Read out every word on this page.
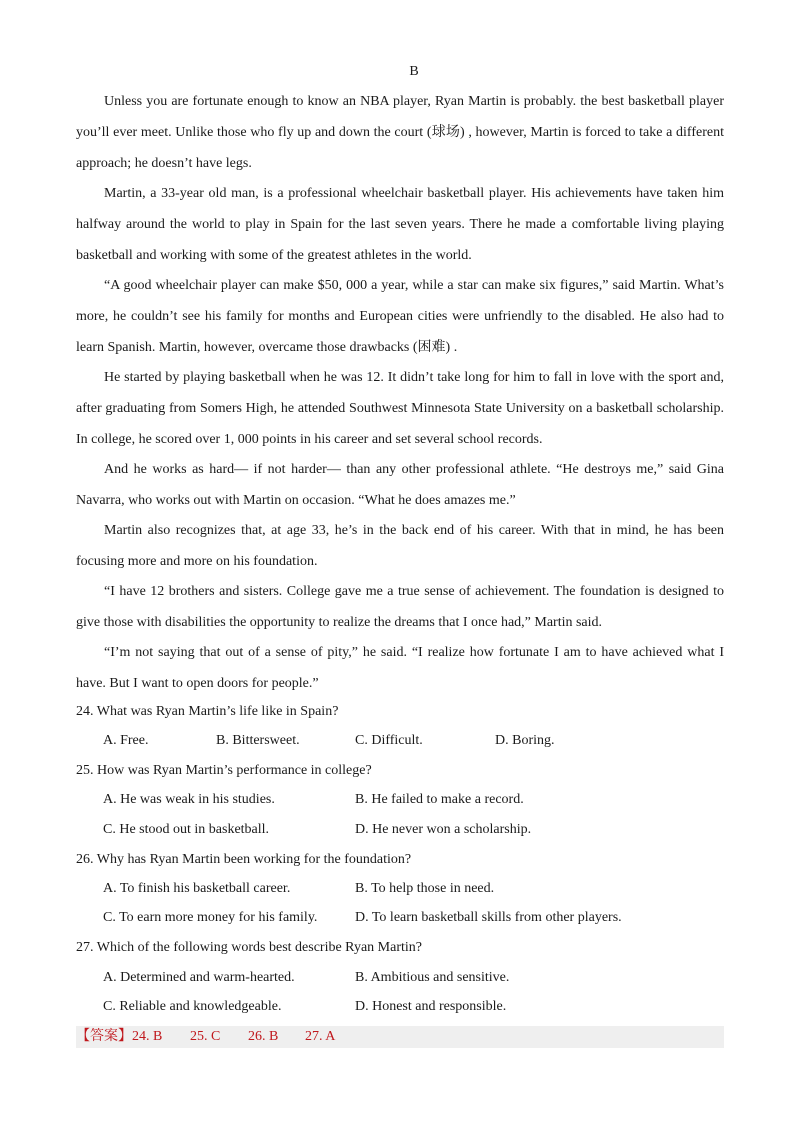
B
Unless you are fortunate enough to know an NBA player, Ryan Martin is probably. the best basketball player you’ll ever meet. Unlike those who fly up and down the court (球场) , however, Martin is forced to take a different approach; he doesn’t have legs.
Martin, a 33-year old man, is a professional wheelchair basketball player. His achievements have taken him halfway around the world to play in Spain for the last seven years. There he made a comfortable living playing basketball and working with some of the greatest athletes in the world.
“A good wheelchair player can make $50, 000 a year, while a star can make six figures,” said Martin. What’s more, he couldn’t see his family for months and European cities were unfriendly to the disabled. He also had to learn Spanish. Martin, however, overcame those drawbacks (困难) .
He started by playing basketball when he was 12. It didn’t take long for him to fall in love with the sport and, after graduating from Somers High, he attended Southwest Minnesota State University on a basketball scholarship. In college, he scored over 1, 000 points in his career and set several school records.
And he works as hard— if not harder— than any other professional athlete. “He destroys me,” said Gina Navarra, who works out with Martin on occasion. “What he does amazes me.”
Martin also recognizes that, at age 33, he’s in the back end of his career. With that in mind, he has been focusing more and more on his foundation.
“I have 12 brothers and sisters. College gave me a true sense of achievement. The foundation is designed to give those with disabilities the opportunity to realize the dreams that I once had,” Martin said.
“I’m not saying that out of a sense of pity,” he said. “I realize how fortunate I am to have achieved what I have. But I want to open doors for people.”
24. What was Ryan Martin’s life like in Spain?
A. Free.	B. Bittersweet.	C. Difficult.	D. Boring.
25. How was Ryan Martin’s performance in college?
A. He was weak in his studies.	B. He failed to make a record.
C. He stood out in basketball.	D. He never won a scholarship.
26. Why has Ryan Martin been working for the foundation?
A. To finish his basketball career.	B. To help those in need.
C. To earn more money for his family.	D. To learn basketball skills from other players.
27. Which of the following words best describe Ryan Martin?
A. Determined and warm-hearted.	B. Ambitious and sensitive.
C. Reliable and knowledgeable.	D. Honest and responsible.
【答案】24. B 25. C 26. B 27. A
